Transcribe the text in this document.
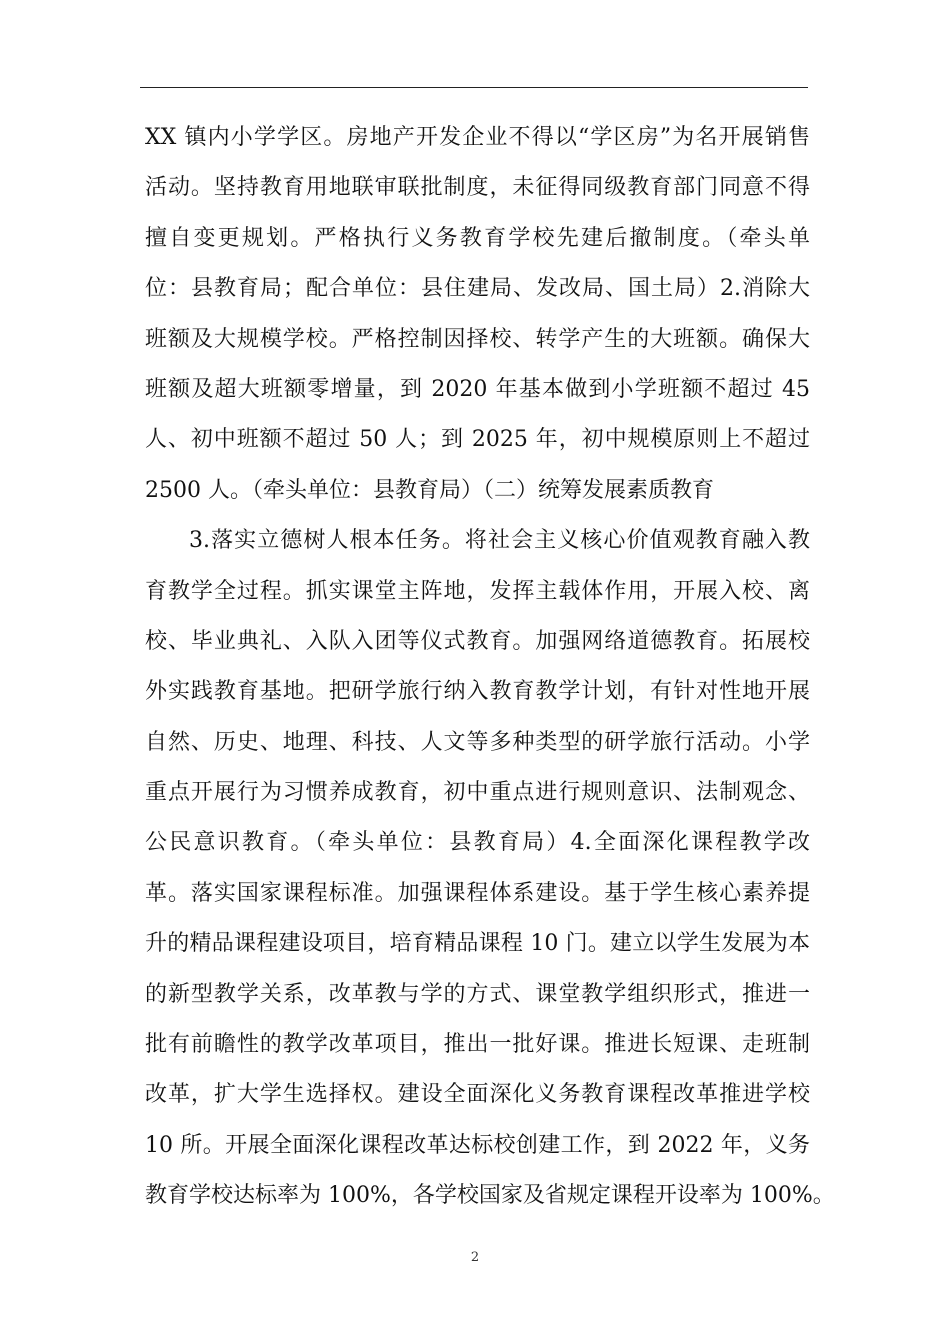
XX 镇内小学学区。房地产开发企业不得以“学区房”为名开展销售
活动。坚持教育用地联审联批制度，未征得同级教育部门同意不得
擅自变更规划。严格执行义务教育学校先建后撤制度。（牵头单
位：县教育局；配合单位：县住建局、发改局、国土局）2.消除大
班额及大规模学校。严格控制因择校、转学产生的大班额。确保大
班额及超大班额零增量，到 2020 年基本做到小学班额不超过 45
人、初中班额不超过 50 人；到 2025 年，初中规模原则上不超过
2500 人。（牵头单位：县教育局）（二）统筹发展素质教育
3.落实立德树人根本任务。将社会主义核心价值观教育融入教
育教学全过程。抓实课堂主阵地，发挥主载体作用，开展入校、离
校、毕业典礼、入队入团等仪式教育。加强网络道德教育。拓展校
外实践教育基地。把研学旅行纳入教育教学计划，有针对性地开展
自然、历史、地理、科技、人文等多种类型的研学旅行活动。小学
重点开展行为习惯养成教育，初中重点进行规则意识、法制观念、
公民意识教育。（牵头单位：县教育局）4.全面深化课程教学改
革。落实国家课程标准。加强课程体系建设。基于学生核心素养提
升的精品课程建设项目，培育精品课程 10 门。建立以学生发展为本
的新型教学关系，改革教与学的方式、课堂教学组织形式，推进一
批有前瞻性的教学改革项目，推出一批好课。推进长短课、走班制
改革，扩大学生选择权。建设全面深化义务教育课程改革推进学校
10 所。开展全面深化课程改革达标校创建工作，到 2022 年，义务
教育学校达标率为 100%，各学校国家及省规定课程开设率为 100%。
2
